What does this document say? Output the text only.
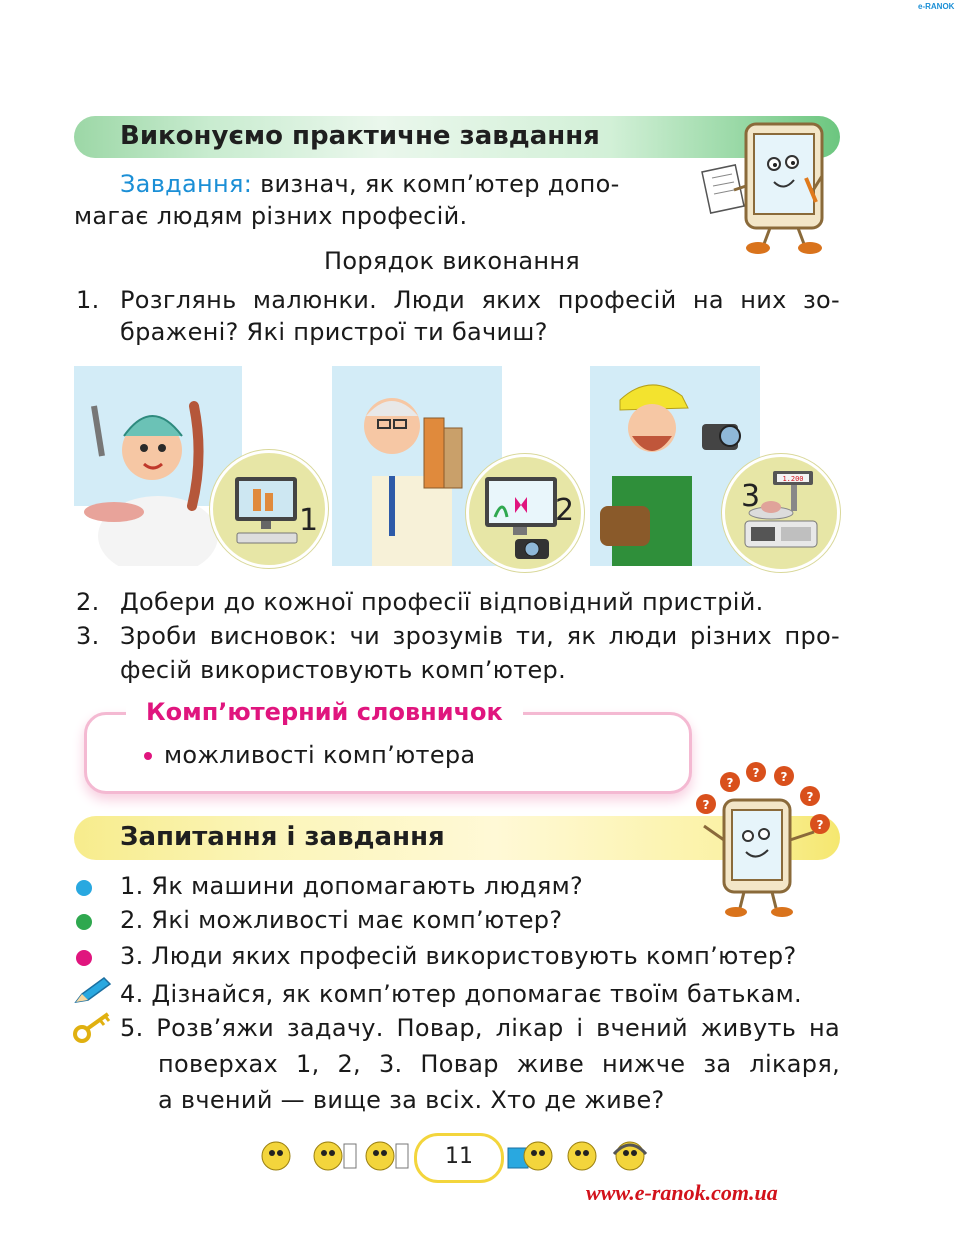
e-RANOK
Виконуємо практичне завдання
Завдання: визнач, як комп’ютер допо-
магає людям різних професій.
Порядок виконання
1. Розглянь малюнки. Люди яких професій на них зо-
бражені? Які пристрої ти бачиш?
1	2
1.200
3
2. Добери до кожної професії відповідний пристрій.
3. Зроби висновок: чи зрозумів ти, як люди різних про-
фесій використовують комп’ютер.
Комп’ютерний словничок
можливості комп’ютера
Запитання і завдання
?
?
? ?
?
?
1. Як машини допомагають людям?
2. Які можливості має комп’ютер?
3. Люди яких професій використовують комп’ютер?
4. Дізнайся, як комп’ютер допомагає твоїм батькам.
5. Розв’яжи задачу. Повар, лікар і вчений живуть на
поверхах 1, 2, 3. Повар живе нижче за лікаря,
а вчений — вище за всіх. Хто де живе?
11
www.e-ranok.com.ua
